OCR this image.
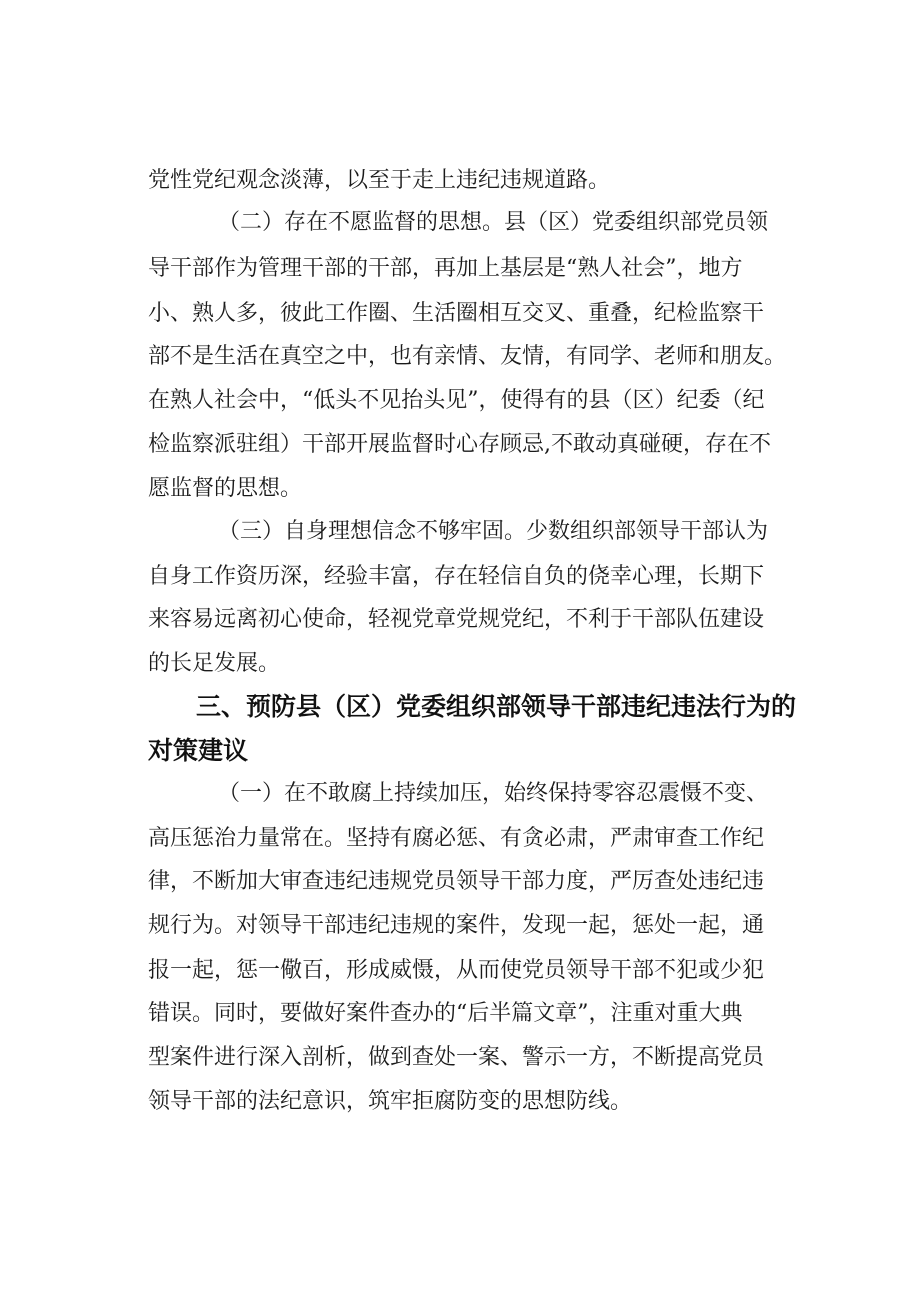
党性党纪观念淡薄，以至于走上违纪违规道路。
（二）存在不愿监督的思想。县（区）党委组织部党员领
导干部作为管理干部的干部，再加上基层是“熟人社会”，地方
小、熟人多，彼此工作圈、生活圈相互交叉、重叠，纪检监察干
部不是生活在真空之中，也有亲情、友情，有同学、老师和朋友。
在熟人社会中，“低头不见抬头见”，使得有的县（区）纪委（纪
检监察派驻组）干部开展监督时心存顾忌,不敢动真碰硬，存在不
愿监督的思想。
（三）自身理想信念不够牢固。少数组织部领导干部认为
自身工作资历深，经验丰富，存在轻信自负的侥幸心理，长期下
来容易远离初心使命，轻视党章党规党纪，不利于干部队伍建设
的长足发展。
三、预防县（区）党委组织部领导干部违纪违法行为的
对策建议
（一）在不敢腐上持续加压，始终保持零容忍震慑不变、
高压惩治力量常在。坚持有腐必惩、有贪必肃，严肃审查工作纪
律，不断加大审查违纪违规党员领导干部力度，严厉查处违纪违
规行为。对领导干部违纪违规的案件，发现一起，惩处一起，通
报一起，惩一儆百，形成威慑，从而使党员领导干部不犯或少犯
错误。同时，要做好案件查办的“后半篇文章”，注重对重大典
型案件进行深入剖析，做到查处一案、警示一方，不断提高党员
领导干部的法纪意识，筑牢拒腐防变的思想防线。
